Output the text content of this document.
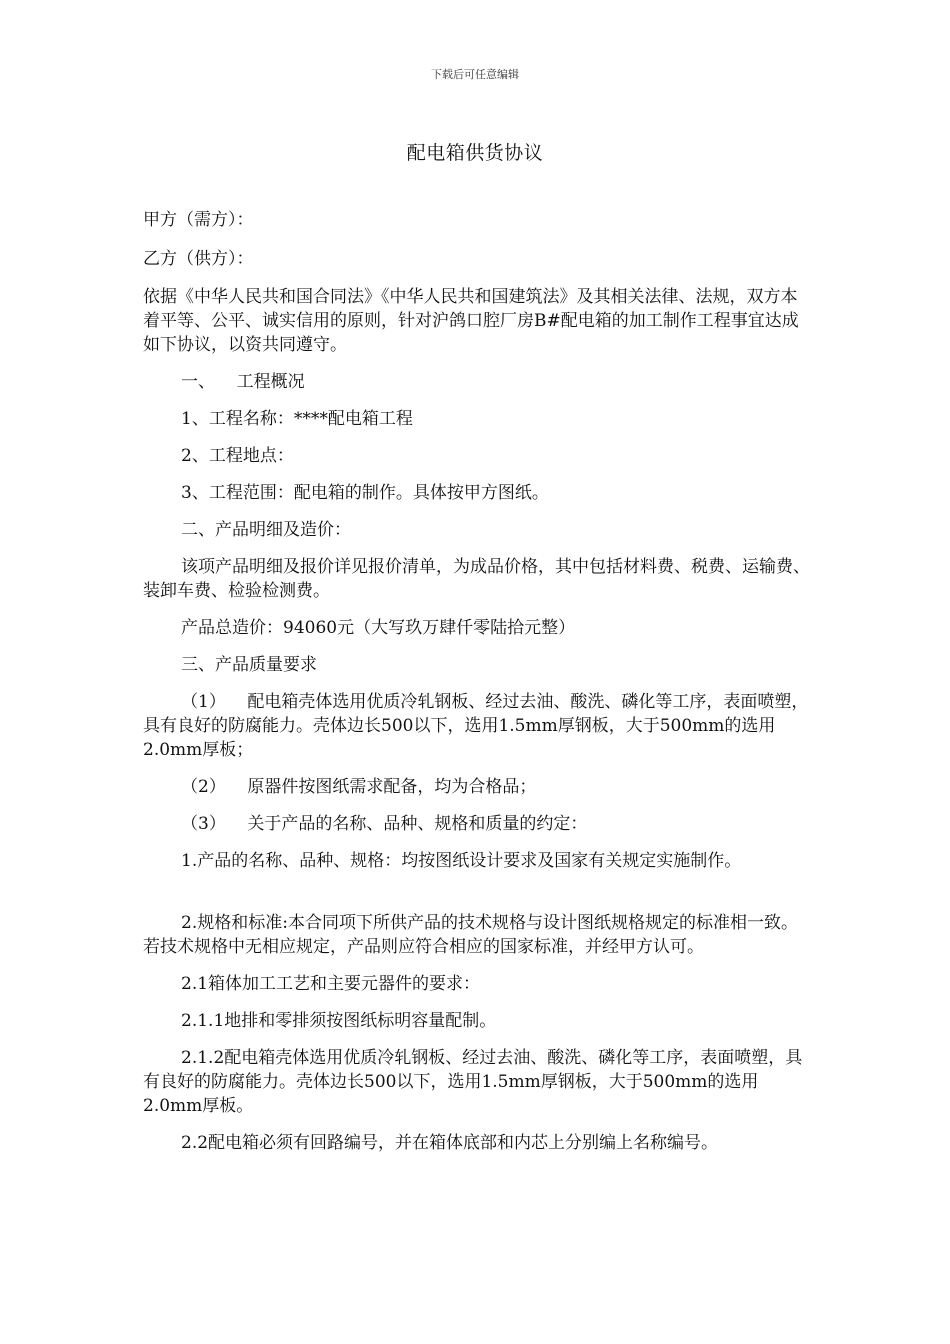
下载后可任意编辑
配电箱供货协议

甲方（需方）：

乙方（供方）：

依据《中华人民共和国合同法》《中华人民共和国建筑法》及其相关法律、法规，双方本着平等、公平、诚实信用的原则，针对沪鸽口腔厂房B#配电箱的加工制作工程事宜达成如下协议，以资共同遵守。

一、    工程概况

1、工程名称：****配电箱工程

2、工程地点：

3、工程范围：配电箱的制作。具体按甲方图纸。

二、产品明细及造价：

该项产品明细及报价详见报价清单，为成品价格，其中包括材料费、税费、运输费、装卸车费、检验检测费。

产品总造价：94060元（大写玖万肆仟零陆拾元整）

三、产品质量要求

（1）    配电箱壳体选用优质冷轧钢板、经过去油、酸洗、磷化等工序，表面喷塑，具有良好的防腐能力。壳体边长500以下，选用1.5mm厚钢板，大于500mm的选用2.0mm厚板；

（2）    原器件按图纸需求配备，均为合格品；

（3）    关于产品的名称、品种、规格和质量的约定：

1.产品的名称、品种、规格：均按图纸设计要求及国家有关规定实施制作。

2.规格和标准:本合同项下所供产品的技术规格与设计图纸规格规定的标准相一致。若技术规格中无相应规定，产品则应符合相应的国家标准，并经甲方认可。

2.1箱体加工工艺和主要元器件的要求：

2.1.1地排和零排须按图纸标明容量配制。

2.1.2配电箱壳体选用优质冷轧钢板、经过去油、酸洗、磷化等工序，表面喷塑，具有良好的防腐能力。壳体边长500以下，选用1.5mm厚钢板，大于500mm的选用2.0mm厚板。

2.2配电箱必须有回路编号，并在箱体底部和内芯上分别编上名称编号。
